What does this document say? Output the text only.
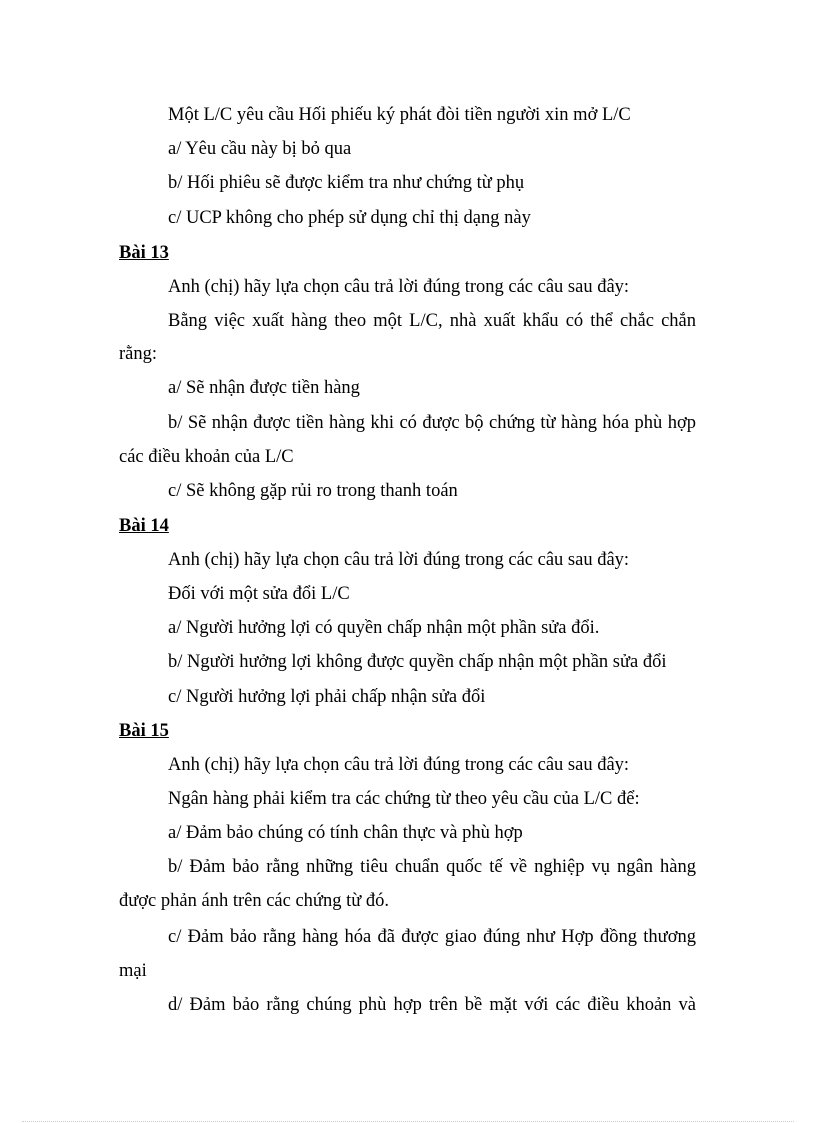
Một L/C yêu cầu Hối phiếu ký phát đòi tiền người xin mở L/C
a/ Yêu cầu này bị bỏ qua
b/ Hối phiêu sẽ được kiểm tra như chứng từ phụ
c/ UCP không cho phép sử dụng chỉ thị dạng này
Bài 13
Anh (chị) hãy lựa chọn câu trả lời đúng trong các câu sau đây:
Bằng việc xuất hàng theo một L/C, nhà xuất khẩu có thể chắc chắn
rằng:
a/ Sẽ nhận được tiền hàng
b/ Sẽ nhận được tiền hàng khi có được bộ chứng từ hàng hóa phù hợp
các điều khoản của L/C
c/ Sẽ không gặp rủi ro trong thanh toán
Bài 14
Anh (chị) hãy lựa chọn câu trả lời đúng trong các câu sau đây:
Đối với một sửa đổi L/C
a/ Người hưởng lợi có quyền chấp nhận một phần sửa đổi.
b/ Người hưởng lợi không được quyền chấp nhận một phần sửa đổi
c/ Người hưởng lợi phải chấp nhận sửa đổi
Bài 15
Anh (chị) hãy lựa chọn câu trả lời đúng trong các câu sau đây:
Ngân hàng phải kiểm tra các chứng từ theo yêu cầu của L/C để:
a/ Đảm bảo chúng có tính chân thực và phù hợp
b/ Đảm bảo rằng những tiêu chuẩn quốc tế về nghiệp vụ ngân hàng
được phản ánh trên các chứng từ đó.
c/ Đảm bảo rằng hàng hóa đã được giao đúng như Hợp đồng thương
mại
d/ Đảm bảo rằng chúng phù hợp trên bề mặt với các điều khoản và
